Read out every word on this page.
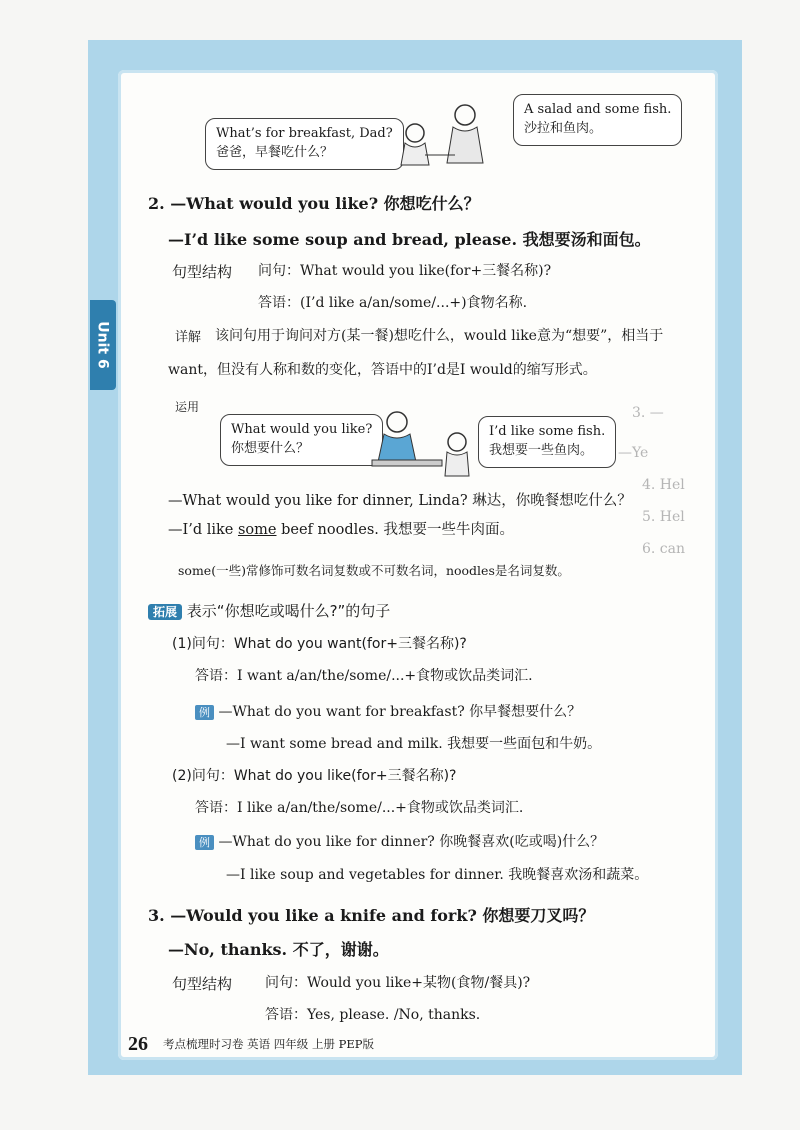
Unit 6
What’s for breakfast, Dad?
爸爸，早餐吃什么？
A salad and some fish.
沙拉和鱼肉。
2. —What would you like? 你想吃什么？
—I’d like some soup and bread, please. 我想要汤和面包。
句型结构 问句：What would you like(for+三餐名称)?
答语：(I’d like a/an/some/...+)食物名称.
详解 该问句用于询问对方(某一餐)想吃什么，would like意为“想要”，相当于
want，但没有人称和数的变化，答语中的I’d是I would的缩写形式。
运用
What would you like?
你想要什么？
I’d like some fish.
我想要一些鱼肉。
—What would you like for dinner, Linda? 琳达，你晚餐想吃什么？
—I’d like some beef noodles. 我想要一些牛肉面。
some(一些)常修饰可数名词复数或不可数名词，noodles是名词复数。
拓展 表示“你想吃或喝什么?”的句子
(1)问句：What do you want(for+三餐名称)?
答语：I want a/an/the/some/...+食物或饮品类词汇.
例 —What do you want for breakfast? 你早餐想要什么？
—I want some bread and milk. 我想要一些面包和牛奶。
(2)问句：What do you like(for+三餐名称)?
答语：I like a/an/the/some/...+食物或饮品类词汇.
例 —What do you like for dinner? 你晚餐喜欢(吃或喝)什么？
—I like soup and vegetables for dinner. 我晚餐喜欢汤和蔬菜。
3. —Would you like a knife and fork? 你想要刀叉吗？
—No, thanks. 不了，谢谢。
句型结构 问句：Would you like+某物(食物/餐具)?
答语：Yes, please. /No, thanks.
26 考点梳理时习卷 英语 四年级 上册 PEP版
3. —
—Ye
4. Hel
5. Hel
6. can
